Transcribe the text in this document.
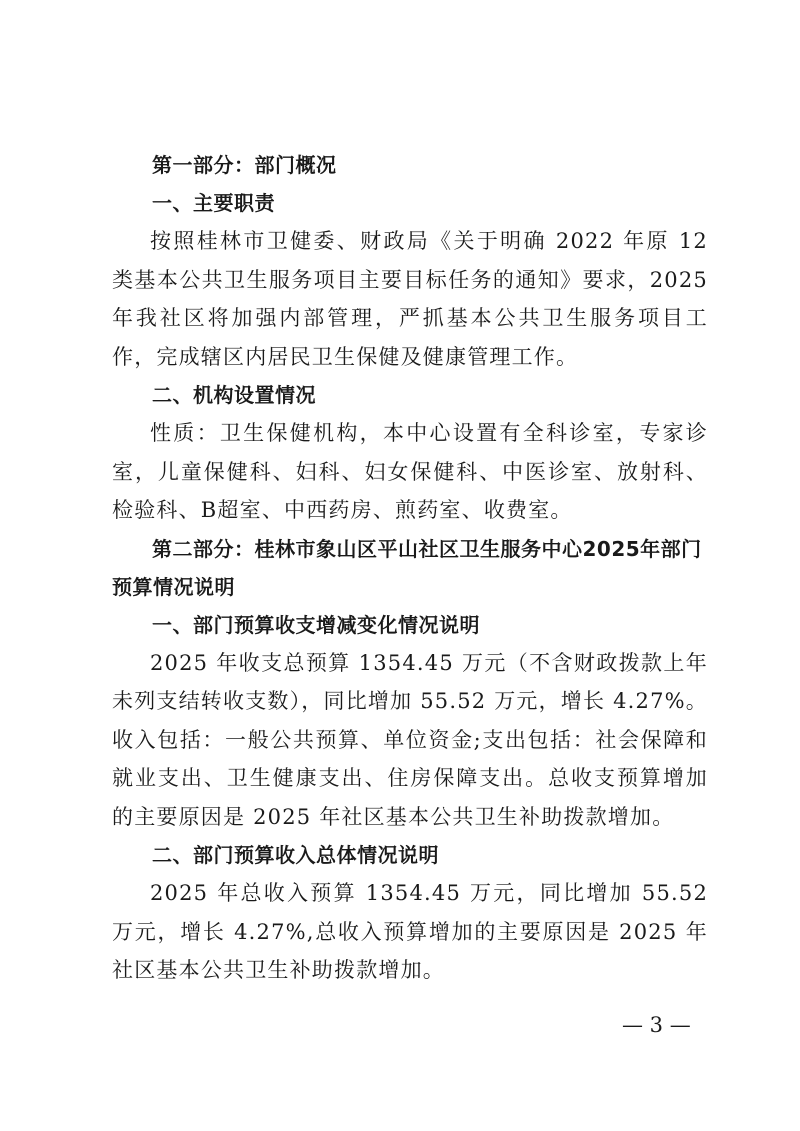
第一部分：部门概况

一、主要职责

按照桂林市卫健委、财政局《关于明确 2022 年原 12 类基本公共卫生服务项目主要目标任务的通知》要求，2025 年我社区将加强内部管理，严抓基本公共卫生服务项目工作，完成辖区内居民卫生保健及健康管理工作。

二、机构设置情况

性质：卫生保健机构，本中心设置有全科诊室，专家诊室，儿童保健科、妇科、妇女保健科、中医诊室、放射科、检验科、B超室、中西药房、煎药室、收费室。

第二部分：桂林市象山区平山社区卫生服务中心2025年部门预算情况说明

一、部门预算收支增减变化情况说明

2025 年收支总预算 1354.45 万元（不含财政拨款上年未列支结转收支数），同比增加 55.52 万元，增长 4.27%。收入包括：一般公共预算、单位资金;支出包括：社会保障和就业支出、卫生健康支出、住房保障支出。总收支预算增加的主要原因是 2025 年社区基本公共卫生补助拨款增加。

二、部门预算收入总体情况说明

2025 年总收入预算 1354.45 万元，同比增加 55.52 万元，增长 4.27%,总收入预算增加的主要原因是 2025 年社区基本公共卫生补助拨款增加。

— 3 —
